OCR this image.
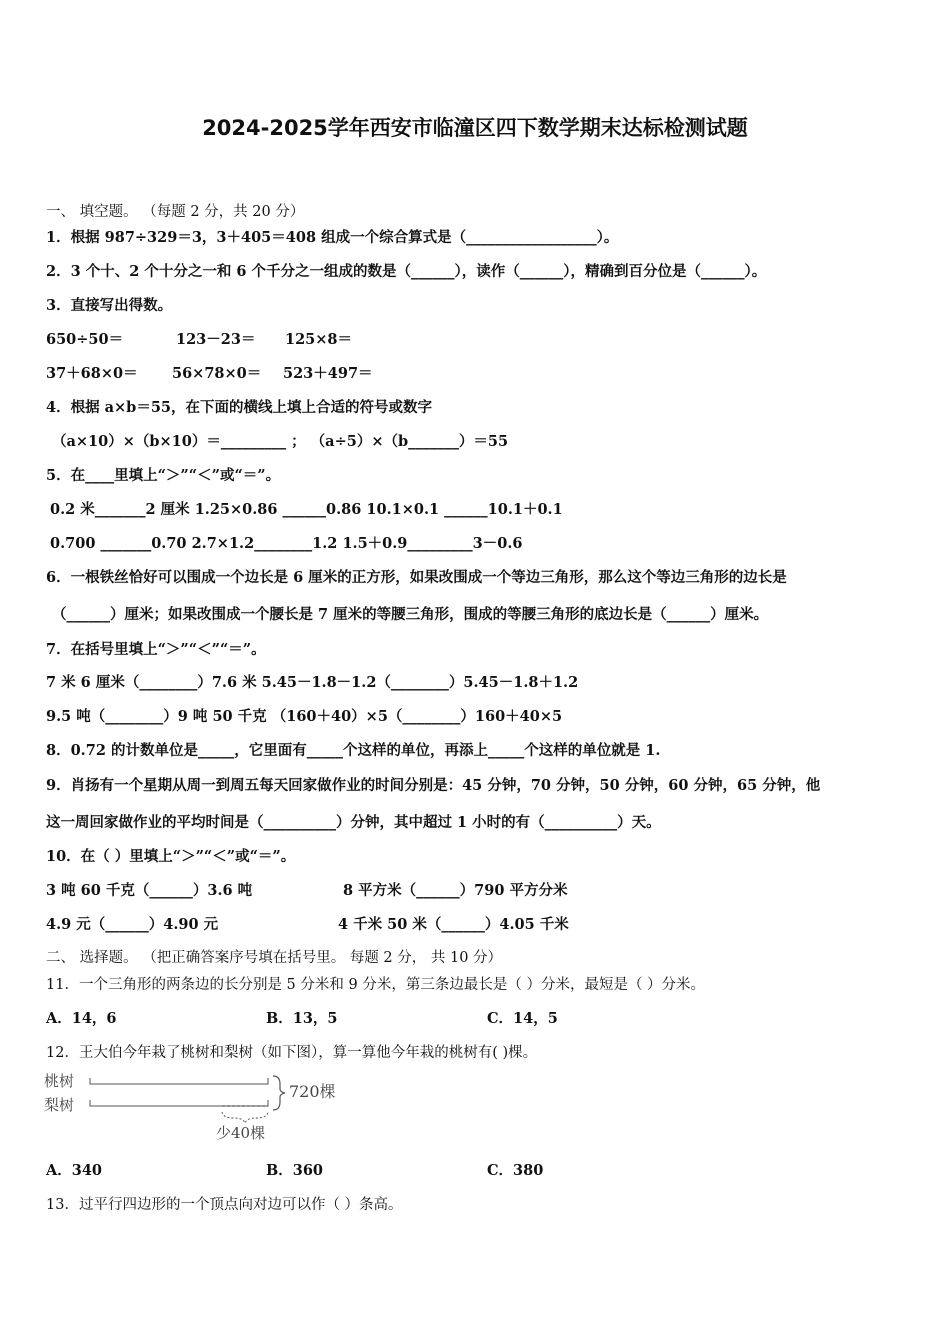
2024-2025学年西安市临潼区四下数学期末达标检测试题
一、 填空题。 （每题 2 分，共 20 分）
1．根据 987÷329＝3，3＋405＝408 组成一个综合算式是（__________________）。
2．3 个十、2 个十分之一和 6 个千分之一组成的数是（______），读作（______），精确到百分位是（______）。
3．直接写出得数。
650÷50＝	123－23＝ 125×8＝
37＋68×0＝ 56×78×0＝ 523＋497＝
4．根据 a×b＝55，在下面的横线上填上合适的符号或数字
（a×10）×（b×10）＝_________ ； （a÷5）×（b_______）＝55
5．在____里填上“＞”“＜”或“＝”。
0.2 米_______2 厘米 1.25×0.86 ______0.86 10.1×0.1 ______10.1＋0.1
0.700 _______0.70 2.7×1.2________1.2 1.5＋0.9_________3－0.6
6．一根铁丝恰好可以围成一个边长是 6 厘米的正方形，如果改围成一个等边三角形，那么这个等边三角形的边长是
（______）厘米；如果改围成一个腰长是 7 厘米的等腰三角形，围成的等腰三角形的底边长是（______）厘米。
7．在括号里填上“＞”“＜”“＝”。
7 米 6 厘米（________）7.6 米 5.45－1.8－1.2（________）5.45－1.8＋1.2
9.5 吨（________）9 吨 50 千克 （160＋40）×5（________）160＋40×5
8．0.72 的计数单位是_____，它里面有_____个这样的单位，再添上_____个这样的单位就是 1.
9．肖扬有一个星期从周一到周五每天回家做作业的时间分别是：45 分钟，70 分钟，50 分钟，60 分钟，65 分钟，他
这一周回家做作业的平均时间是（__________）分钟，其中超过 1 小时的有（__________）天。
10．在（ ）里填上“＞”“＜”或“＝”。
3 吨 60 千克（______）3.6 吨	8 平方米（______）790 平方分米
4.9 元（______）4.90 元	4 千米 50 米（______）4.05 千米
二、 选择题。 （把正确答案序号填在括号里。 每题 2 分， 共 10 分）
11．一个三角形的两条边的长分别是 5 分米和 9 分米，第三条边最长是（ ）分米，最短是（ ）分米。
A．14，6	B．13，5	C．14，5
12．王大伯今年栽了桃树和梨树（如下图），算一算他今年栽的桃树有( )棵。
桃树
梨树
720棵
少40棵
A．340	B．360	C．380
13．过平行四边形的一个顶点向对边可以作（ ）条高。
